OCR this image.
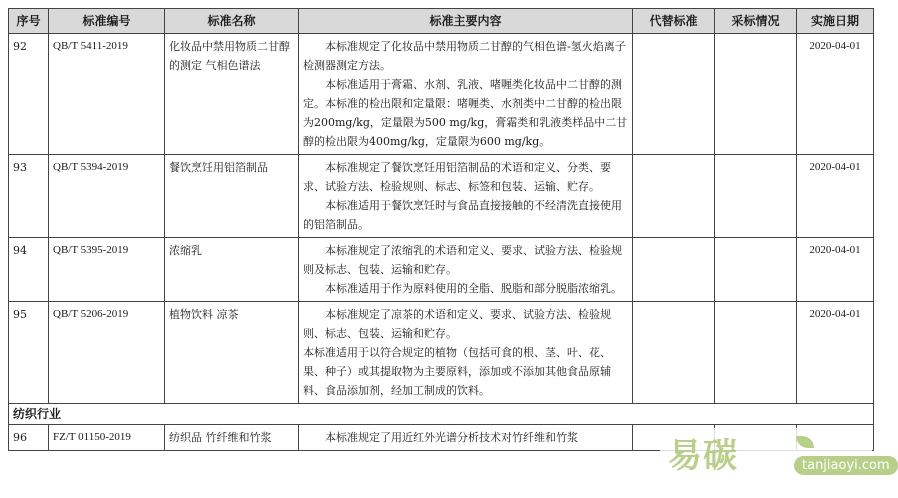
序号	标准编号	标准名称	标准主要内容	代替标准	采标情况	实施日期
92	QB/T 5411-2019	化妆品中禁用物质二甘醇的测定 气相色谱法	本标准规定了化妆品中禁用物质二甘醇的气相色谱-氢火焰离子检测器测定方法。

本标准适用于膏霜、水剂、乳液、啫喱类化妆品中二甘醇的测定。本标准的检出限和定量限：啫喱类、水剂类中二甘醇的检出限为200mg/kg，定量限为500 mg/kg，膏霜类和乳液类样品中二甘醇的检出限为400mg/kg，定量限为600 mg/kg。			2020-04-01
93	QB/T 5394-2019	餐饮烹饪用铝箔制品	本标准规定了餐饮烹饪用铝箔制品的术语和定义、分类、要求、试验方法、检验规则、标志、标签和包装、运输、贮存。

本标准适用于餐饮烹饪时与食品直接接触的不经清洗直接使用的铝箔制品。			2020-04-01
94	QB/T 5395-2019	浓缩乳	本标准规定了浓缩乳的术语和定义、要求、试验方法、检验规则及标志、包装、运输和贮存。

本标准适用于作为原料使用的全脂、脱脂和部分脱脂浓缩乳。			2020-04-01
95	QB/T 5206-2019	植物饮料 凉茶	本标准规定了凉茶的术语和定义、要求、试验方法、检验规则、标志、包装、运输和贮存。

本标准适用于以符合规定的植物（包括可食的根、茎、叶、花、果、种子）或其提取物为主要原料，添加或不添加其他食品原辅料、食品添加剂，经加工制成的饮料。			2020-04-01
纺织行业						
96	FZ/T 01150-2019	纺织品 竹纤维和竹浆	本标准规定了用近红外光谱分析技术对竹纤维和竹浆			

				易碳	tanjiaoyi.com
